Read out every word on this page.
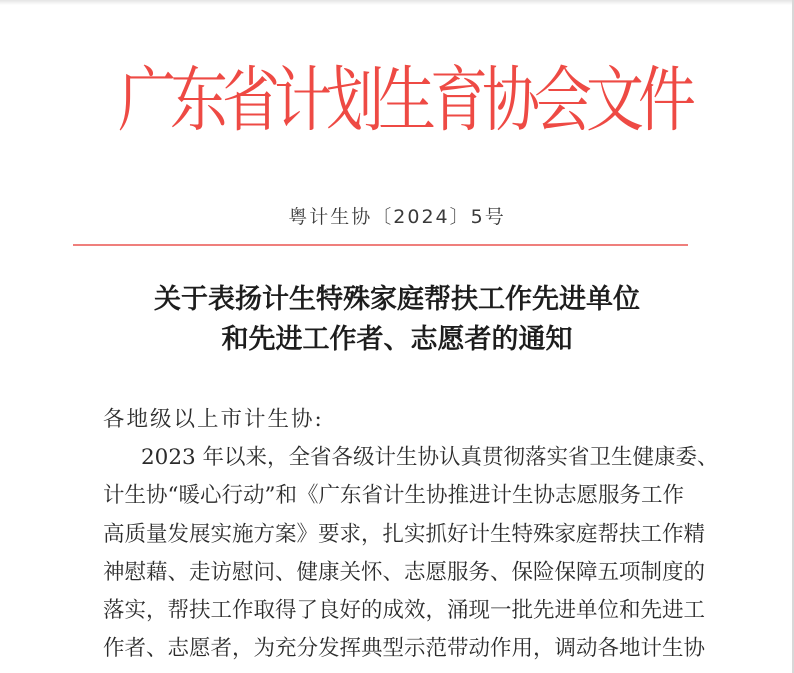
广
东
省
计
划
生
育
协
会
文
件
粤计生协〔2024〕5号
关于表扬计生特殊家庭帮扶工作先进单位
和先进工作者、志愿者的通知
各地级以上市计生协:
2023 年以来，全省各级计生协认真贯彻落实省卫生健康委、
计生协“暖心行动”和《广东省计生协推进计生协志愿服务工作
高质量发展实施方案》要求，扎实抓好计生特殊家庭帮扶工作精
神慰藉、走访慰问、健康关怀、志愿服务、保险保障五项制度的
落实，帮扶工作取得了良好的成效，涌现一批先进单位和先进工
作者、志愿者，为充分发挥典型示范带动作用，调动各地计生协
